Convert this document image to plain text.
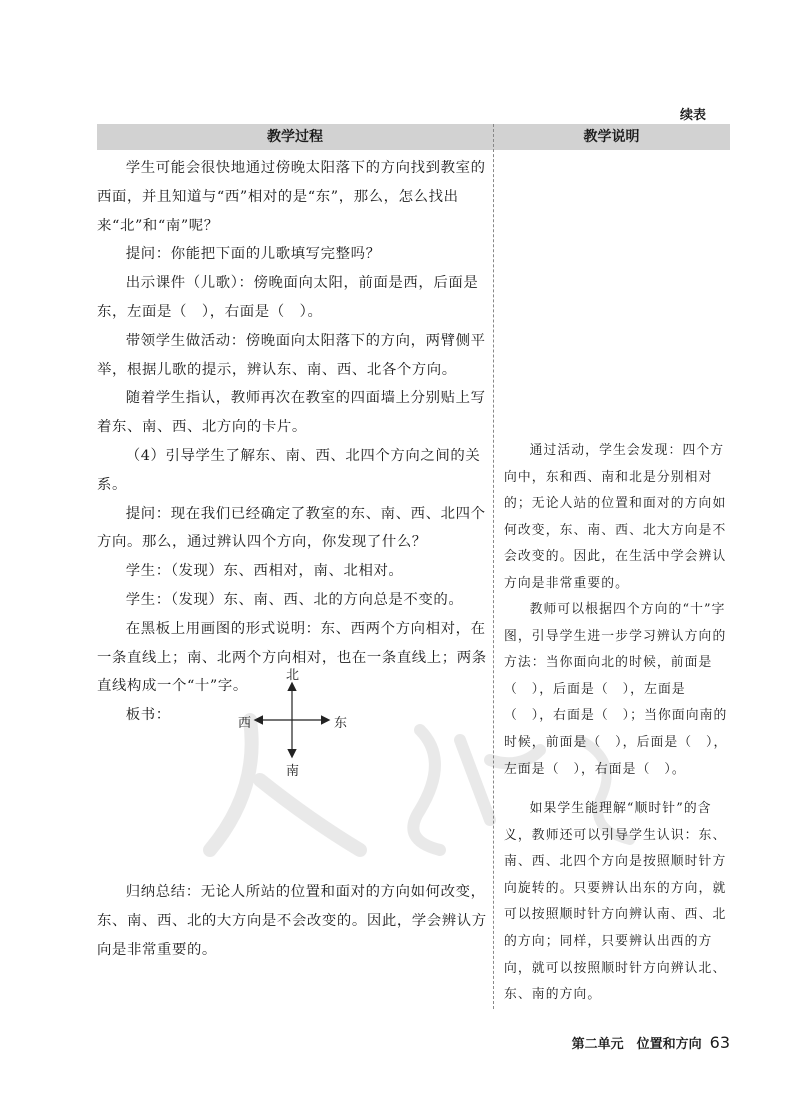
续表
教学过程	教学说明

学生可能会很快地通过傍晚太阳落下的方向找到教室的西面，并且知道与“西”相对的是“东”，那么，怎么找出来“北”和“南”呢？

提问：你能把下面的儿歌填写完整吗？

出示课件（儿歌）：傍晚面向太阳，前面是西，后面是东，左面是（　），右面是（　）。

带领学生做活动：傍晚面向太阳落下的方向，两臂侧平举，根据儿歌的提示，辨认东、南、西、北各个方向。

随着学生指认，教师再次在教室的四面墙上分别贴上写着东、南、西、北方向的卡片。

（4）引导学生了解东、南、西、北四个方向之间的关系。

提问：现在我们已经确定了教室的东、南、西、北四个方向。那么，通过辨认四个方向，你发现了什么？

学生：（发现）东、西相对，南、北相对。

学生：（发现）东、南、西、北的方向总是不变的。

在黑板上用画图的形式说明：东、西两个方向相对，在一条直线上；南、北两个方向相对，也在一条直线上；两条直线构成一个“十”字。

板书：

归纳总结：无论人所站的位置和面对的方向如何改变，东、南、西、北的大方向是不会改变的。因此，学会辨认方向是非常重要的。

北
南
西	东

通过活动，学生会发现：四个方向中，东和西、南和北是分别相对的；无论人站的位置和面对的方向如何改变，东、南、西、北大方向是不会改变的。因此，在生活中学会辨认方向是非常重要的。

教师可以根据四个方向的“十”字图，引导学生进一步学习辨认方向的方法：当你面向北的时候，前面是（　），后面是（　），左面是（　），右面是（　）；当你面向南的时候，前面是（　），后面是（　），左面是（　），右面是（　）。

如果学生能理解“顺时针”的含义，教师还可以引导学生认识：东、南、西、北四个方向是按照顺时针方向旋转的。只要辨认出东的方向，就可以按照顺时针方向辨认南、西、北的方向；同样，只要辨认出西的方向，就可以按照顺时针方向辨认北、东、南的方向。

第二单元　位置和方向 63
